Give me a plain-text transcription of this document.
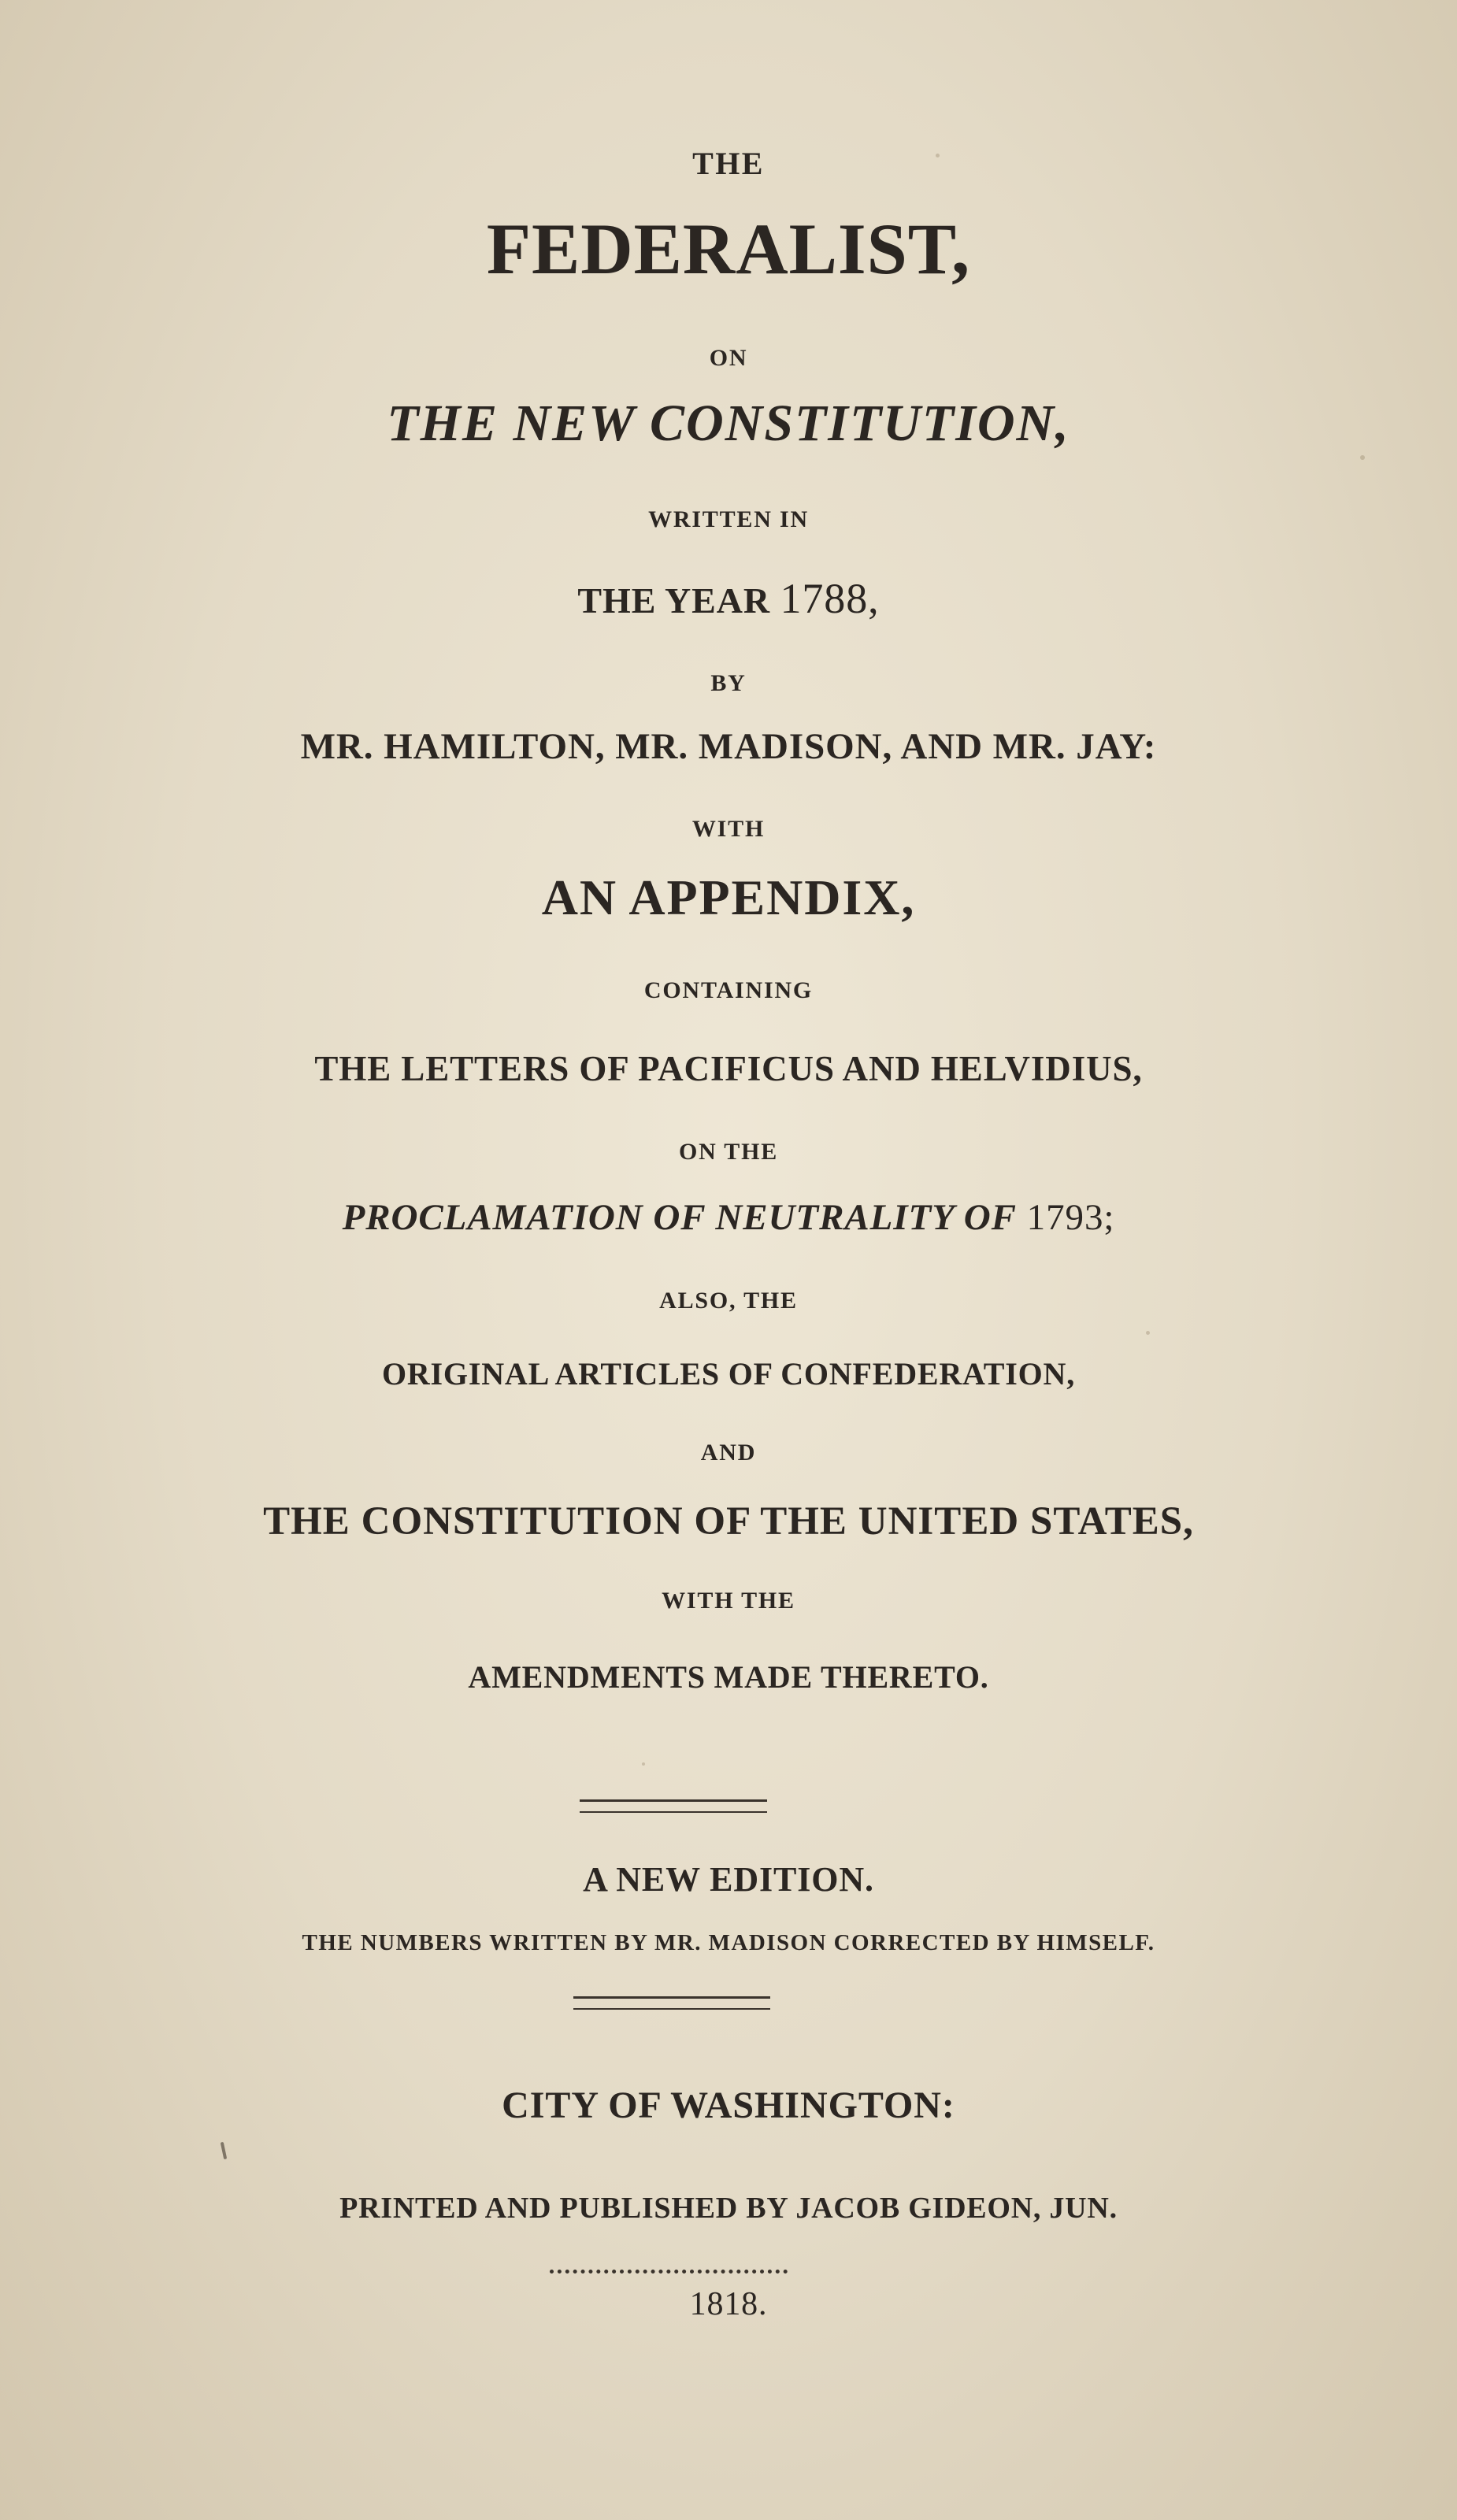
THE
FEDERALIST,
ON
THE NEW CONSTITUTION,
WRITTEN IN
THE YEAR 1788,
BY
MR. HAMILTON, MR. MADISON, AND MR. JAY:
WITH
AN APPENDIX,
CONTAINING
THE LETTERS OF PACIFICUS AND HELVIDIUS,
ON THE
PROCLAMATION OF NEUTRALITY OF 1793;
ALSO, THE
ORIGINAL ARTICLES OF CONFEDERATION,
AND
THE CONSTITUTION OF THE UNITED STATES,
WITH THE
AMENDMENTS MADE THERETO.
A NEW EDITION.
THE NUMBERS WRITTEN BY MR. MADISON CORRECTED BY HIMSELF.
CITY OF WASHINGTON:
PRINTED AND PUBLISHED BY JACOB GIDEON, JUN.
1818.
